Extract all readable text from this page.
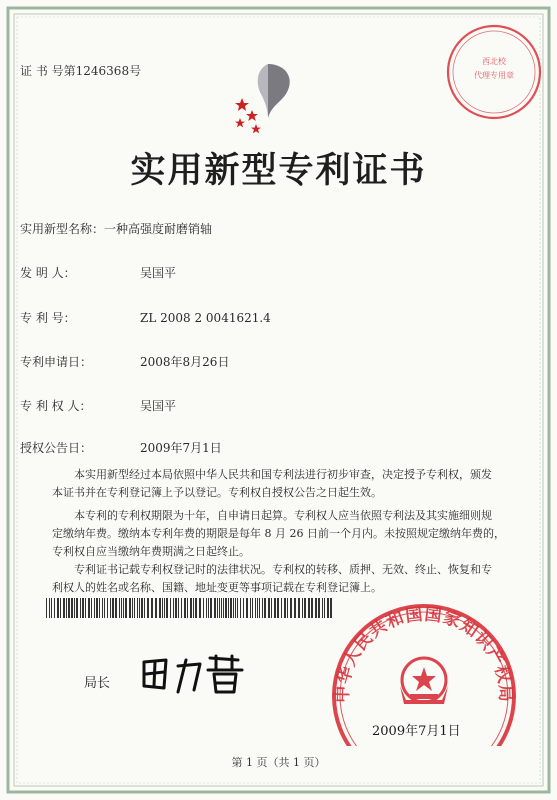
证 书 号第1246368号
西北校
代理专用章
实用新型专利证书
实用新型名称：一种高强度耐磨销轴
发 明 人：	吴国平
专 利 号：	ZL 2008 2 0041621.4
专利申请日：	2008年8月26日
专 利 权 人：	吴国平
授权公告日：	2009年7月1日
本实用新型经过本局依照中华人民共和国专利法进行初步审查，决定授予专利权，颁发
本证书并在专利登记簿上予以登记。专利权自授权公告之日起生效。
本专利的专利权期限为十年，自申请日起算。专利权人应当依照专利法及其实施细则规
定缴纳年费。缴纳本专利年费的期限是每年 8 月 26 日前一个月内。未按照规定缴纳年费的，
专利权自应当缴纳年费期满之日起终止。
专利证书记载专利权登记时的法律状况。专利权的转移、质押、无效、终止、恢复和专
利权人的姓名或名称、国籍、地址变更等事项记载在专利登记簿上。
中华人民共和国国家知识产权局
局长
2009年7月1日
第 1 页（共 1 页）
